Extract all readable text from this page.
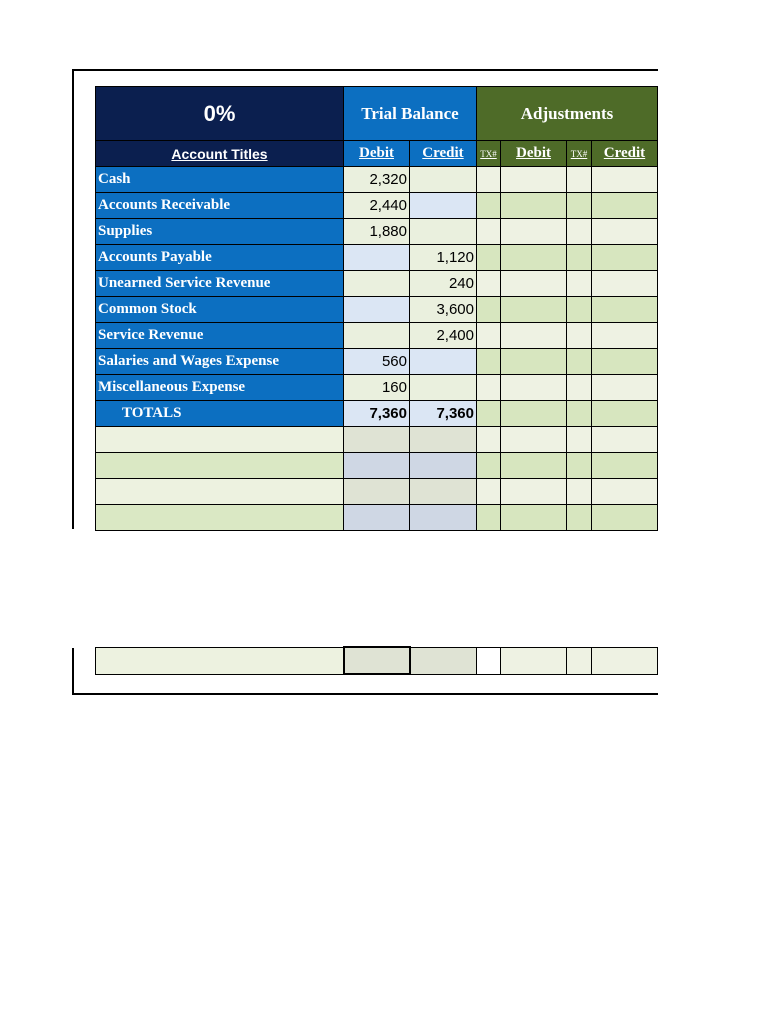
0%	Trial Balance		Adjustments			
Account Titles	Debit	Credit	TX#	Debit	TX#	Credit
Cash	2,320					
Accounts Receivable	2,440					
Supplies	1,880					
Accounts Payable		1,120				
Unearned Service Revenue		240				
Common Stock		3,600				
Service Revenue		2,400				
Salaries and Wages Expense	560					
Miscellaneous Expense	160					
TOTALS	7,360	7,360				
